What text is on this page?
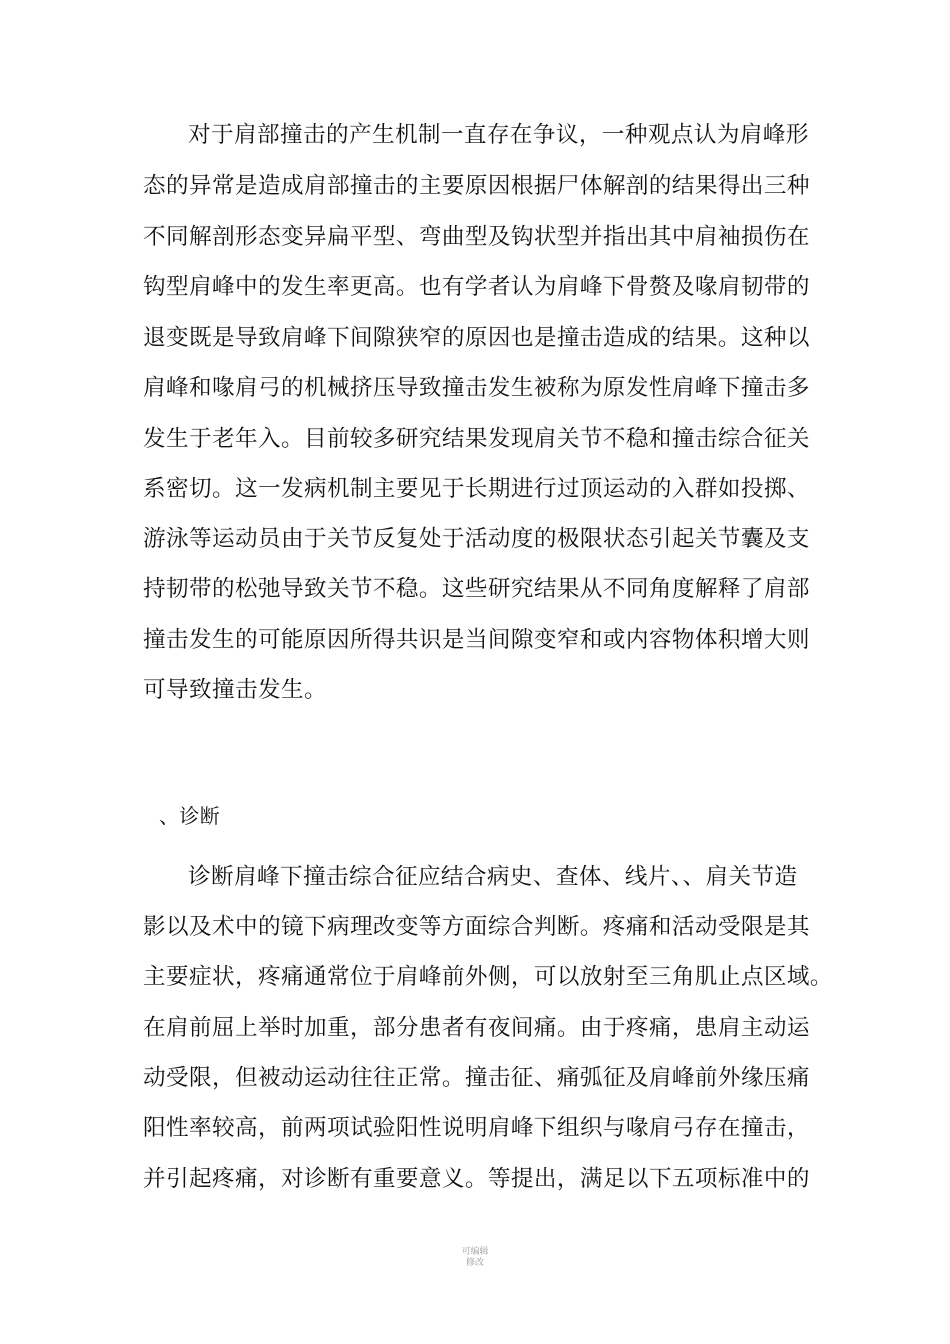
对于肩部撞击的产生机制一直存在争议，一种观点认为肩峰形
态的异常是造成肩部撞击的主要原因根据尸体解剖的结果得出三种
不同解剖形态变异扁平型、弯曲型及钩状型并指出其中肩袖损伤在
钩型肩峰中的发生率更高。也有学者认为肩峰下骨赘及喙肩韧带的
退变既是导致肩峰下间隙狭窄的原因也是撞击造成的结果。这种以
肩峰和喙肩弓的机械挤压导致撞击发生被称为原发性肩峰下撞击多
发生于老年入。目前较多研究结果发现肩关节不稳和撞击综合征关
系密切。这一发病机制主要见于长期进行过顶运动的入群如投掷、
游泳等运动员由于关节反复处于活动度的极限状态引起关节囊及支
持韧带的松弛导致关节不稳。这些研究结果从不同角度解释了肩部
撞击发生的可能原因所得共识是当间隙变窄和或内容物体积增大则
可导致撞击发生。
、诊断
诊断肩峰下撞击综合征应结合病史、查体、线片、、肩关节造
影以及术中的镜下病理改变等方面综合判断。疼痛和活动受限是其
主要症状，疼痛通常位于肩峰前外侧，可以放射至三角肌止点区域。
在肩前屈上举时加重，部分患者有夜间痛。由于疼痛，患肩主动运
动受限，但被动运动往往正常。撞击征、痛弧征及肩峰前外缘压痛
阳性率较高，前两项试验阳性说明肩峰下组织与喙肩弓存在撞击，
并引起疼痛，对诊断有重要意义。等提出，满足以下五项标准中的
可编辑
修改
